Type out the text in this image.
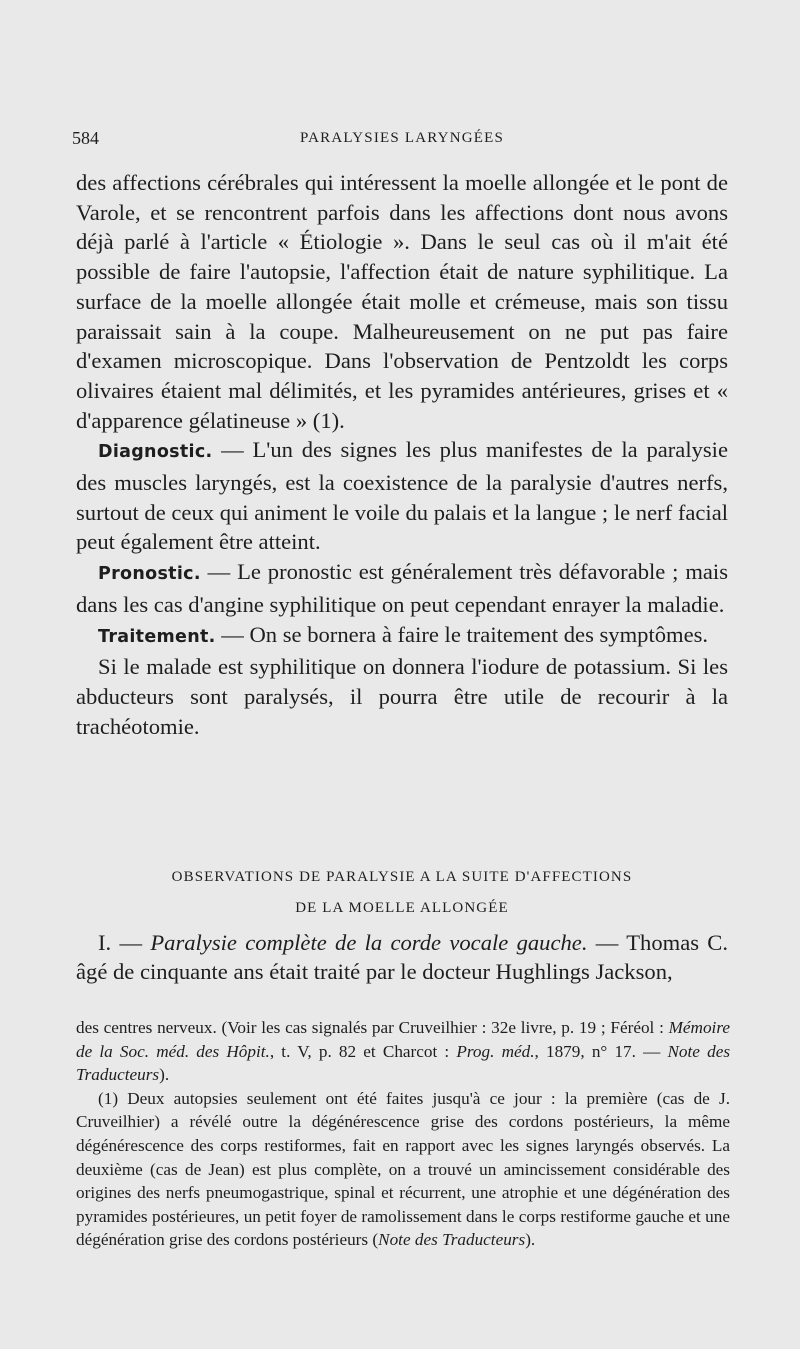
584	PARALYSIES LARYNGÉES

des affections cérébrales qui intéressent la moelle allongée et le pont de Varole, et se rencontrent parfois dans les affections dont nous avons déjà parlé à l'article « Étiologie ». Dans le seul cas où il m'ait été possible de faire l'autopsie, l'affection était de nature syphilitique. La surface de la moelle allongée était molle et crémeuse, mais son tissu paraissait sain à la coupe. Malheureusement on ne put pas faire d'examen microscopique. Dans l'observation de Pentzoldt les corps olivaires étaient mal délimités, et les pyramides antérieures, grises et « d'apparence gélatineuse » (1).

Diagnostic. — L'un des signes les plus manifestes de la paralysie des muscles laryngés, est la coexistence de la paralysie d'autres nerfs, surtout de ceux qui animent le voile du palais et la langue ; le nerf facial peut également être atteint.

Pronostic. — Le pronostic est généralement très défavorable ; mais dans les cas d'angine syphilitique on peut cependant enrayer la maladie.

Traitement. — On se bornera à faire le traitement des symptômes.

Si le malade est syphilitique on donnera l'iodure de potassium. Si les abducteurs sont paralysés, il pourra être utile de recourir à la trachéotomie.

OBSERVATIONS DE PARALYSIE A LA SUITE D'AFFECTIONS
DE LA MOELLE ALLONGÉE

I. — Paralysie complète de la corde vocale gauche. — Thomas C. âgé de cinquante ans était traité par le docteur Hughlings Jackson,

des centres nerveux. (Voir les cas signalés par Cruveilhier : 32e livre, p. 19 ; Féréol : Mémoire de la Soc. méd. des Hôpit., t. V, p. 82 et Charcot : Prog. méd., 1879, n° 17. — Note des Traducteurs).

(1) Deux autopsies seulement ont été faites jusqu'à ce jour : la première (cas de J. Cruveilhier) a révélé outre la dégénérescence grise des cordons postérieurs, la même dégénérescence des corps restiformes, fait en rapport avec les signes laryngés observés. La deuxième (cas de Jean) est plus complète, on a trouvé un amincissement considérable des origines des nerfs pneumogastrique, spinal et récurrent, une atrophie et une dégénération des pyramides postérieures, un petit foyer de ramolissement dans le corps restiforme gauche et une dégénération grise des cordons postérieurs (Note des Traducteurs).
